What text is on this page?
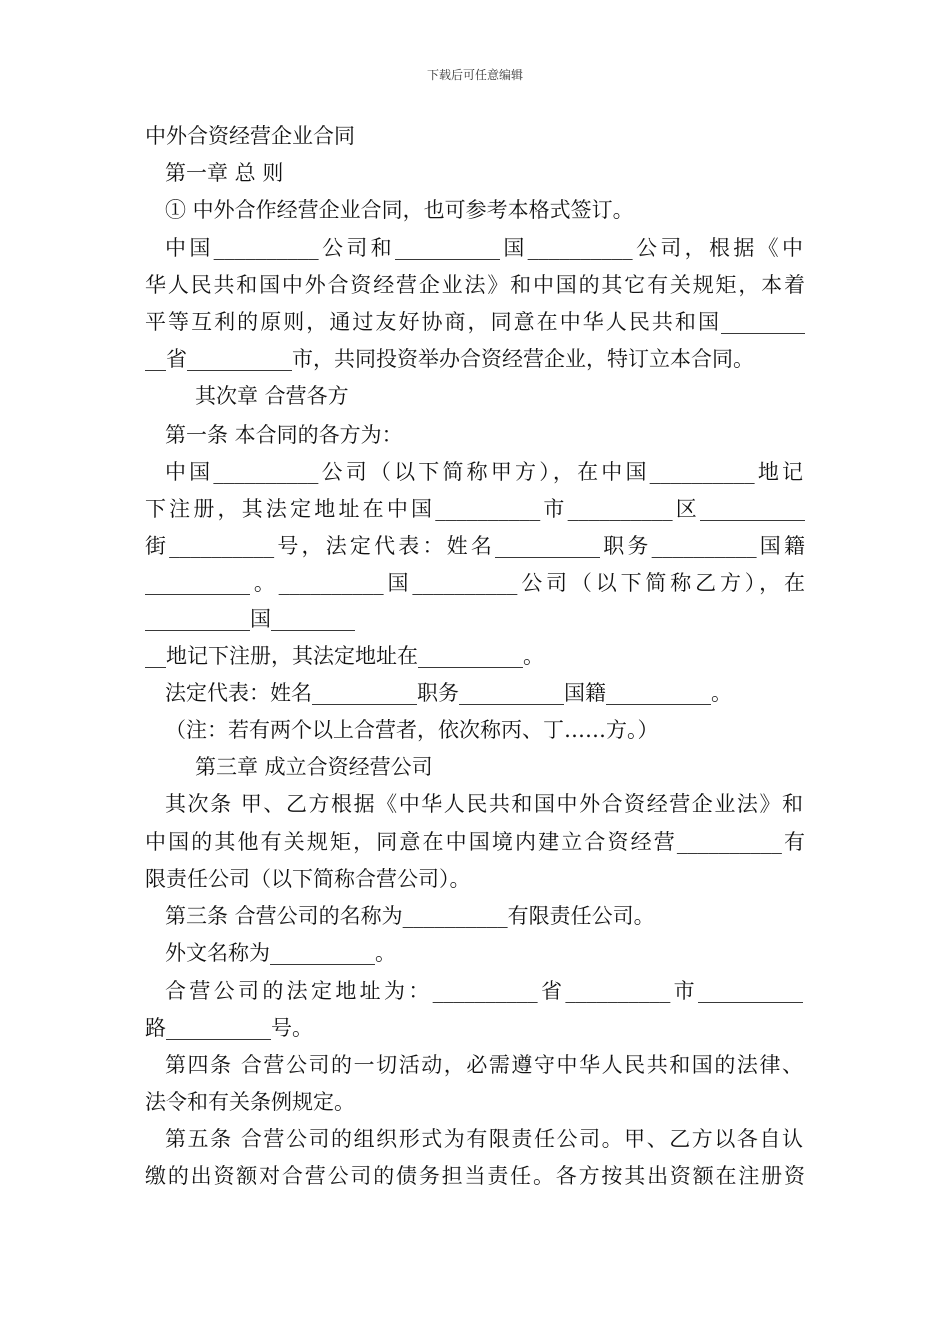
下载后可任意编辑
中外合资经营企业合同
第一章 总 则
① 中外合作经营企业合同，也可参考本格式签订。
中国__________公司和__________国__________公司，根据《中
华人民共和国中外合资经营企业法》和中国的其它有关规矩，本着
平等互利的原则，通过友好协商，同意在中华人民共和国________
__省__________市，共同投资举办合资经营企业，特订立本合同。
其次章 合营各方
第一条 本合同的各方为：
中国__________公司（以下简称甲方），在中国__________地记
下注册，其法定地址在中国__________市__________区__________
街__________号，法定代表：姓名__________职务__________国籍
__________。__________国__________公司（以下简称乙方），在
__________国________
__地记下注册，其法定地址在__________。
法定代表：姓名__________职务__________国籍__________。
（注：若有两个以上合营者，依次称丙、丁……方。）
第三章 成立合资经营公司
其次条 甲、乙方根据《中华人民共和国中外合资经营企业法》和
中国的其他有关规矩，同意在中国境内建立合资经营__________有
限责任公司（以下简称合营公司）。
第三条 合营公司的名称为__________有限责任公司。
外文名称为__________。
合营公司的法定地址为：__________省__________市__________
路__________号。
第四条 合营公司的一切活动，必需遵守中华人民共和国的法律、
法令和有关条例规定。
第五条 合营公司的组织形式为有限责任公司。甲、乙方以各自认
缴的出资额对合营公司的债务担当责任。各方按其出资额在注册资
